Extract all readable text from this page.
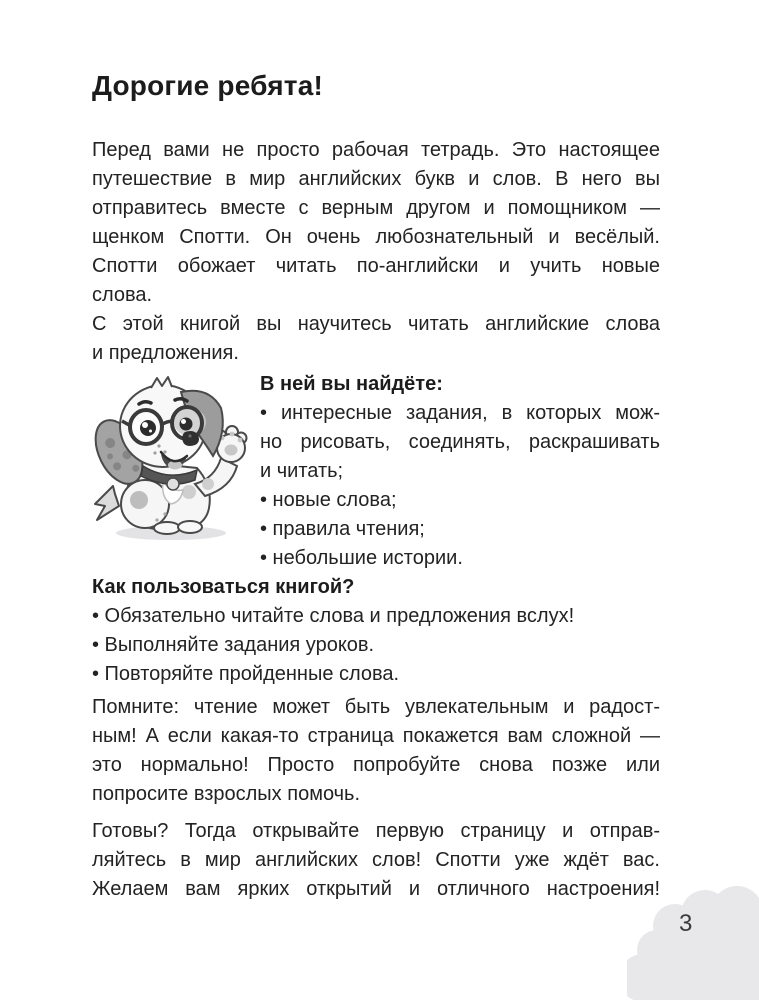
Дорогие ребята!
Перед вами не просто рабочая тетрадь. Это настоящее
путешествие в мир английских букв и слов. В него вы
отправитесь вместе с верным другом и помощником —
щенком Спотти. Он очень любознательный и весёлый.
Спотти обожает читать по-английски и учить новые
слова.
С этой книгой вы научитесь читать английские слова
и предложения.
В ней вы найдёте:
• интересные задания, в которых мож-
но рисовать, соединять, раскрашивать
и читать;
• новые слова;
• правила чтения;
• небольшие истории.
Как пользоваться книгой?
• Обязательно читайте слова и предложения вслух!
• Выполняйте задания уроков.
• Повторяйте пройденные слова.
Помните: чтение может быть увлекательным и радост-
ным! А если какая-то страница покажется вам сложной —
это нормально! Просто попробуйте снова позже или
попросите взрослых помочь.
Готовы? Тогда открывайте первую страницу и отправ-
ляйтесь в мир английских слов! Спотти уже ждёт вас.
Желаем вам ярких открытий и отличного настроения!
3
